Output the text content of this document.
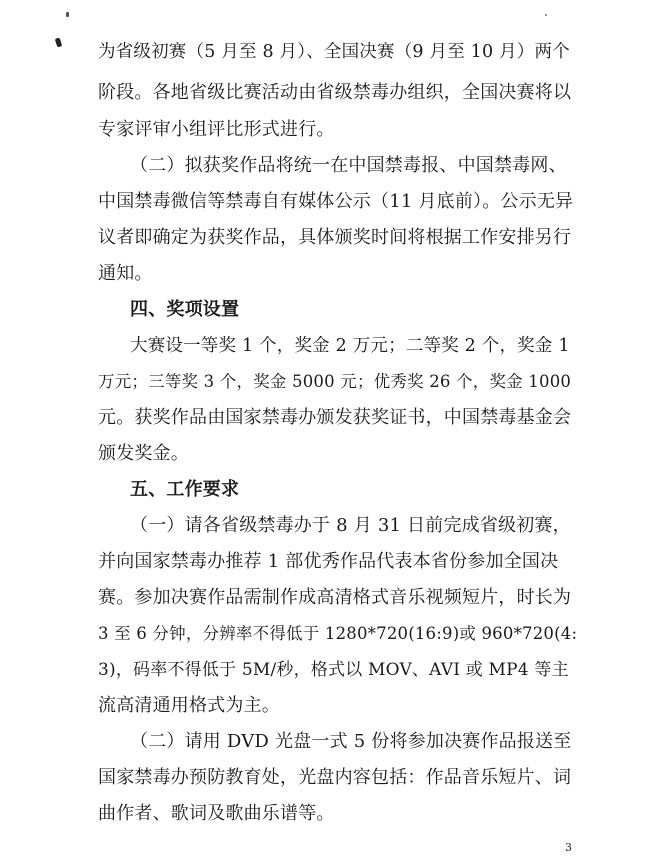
为省级初赛（5 月至 8 月）、全国决赛（9 月至 10 月）两个
阶段。各地省级比赛活动由省级禁毒办组织，全国决赛将以
专家评审小组评比形式进行。
（二）拟获奖作品将统一在中国禁毒报、中国禁毒网、
中国禁毒微信等禁毒自有媒体公示（11 月底前）。公示无异
议者即确定为获奖作品，具体颁奖时间将根据工作安排另行
通知。
四、奖项设置
大赛设一等奖 1 个，奖金 2 万元；二等奖 2 个，奖金 1
万元；三等奖 3 个，奖金 5000 元；优秀奖 26 个，奖金 1000
元。获奖作品由国家禁毒办颁发获奖证书，中国禁毒基金会
颁发奖金。
五、工作要求
（一）请各省级禁毒办于 8 月 31 日前完成省级初赛，
并向国家禁毒办推荐 1 部优秀作品代表本省份参加全国决
赛。参加决赛作品需制作成高清格式音乐视频短片，时长为
3 至 6 分钟，分辨率不得低于 1280*720(16:9)或 960*720(4:
3)，码率不得低于 5M/秒，格式以 MOV、AVI 或 MP4 等主
流高清通用格式为主。
（二）请用 DVD 光盘一式 5 份将参加决赛作品报送至
国家禁毒办预防教育处，光盘内容包括：作品音乐短片、词
曲作者、歌词及歌曲乐谱等。
3
